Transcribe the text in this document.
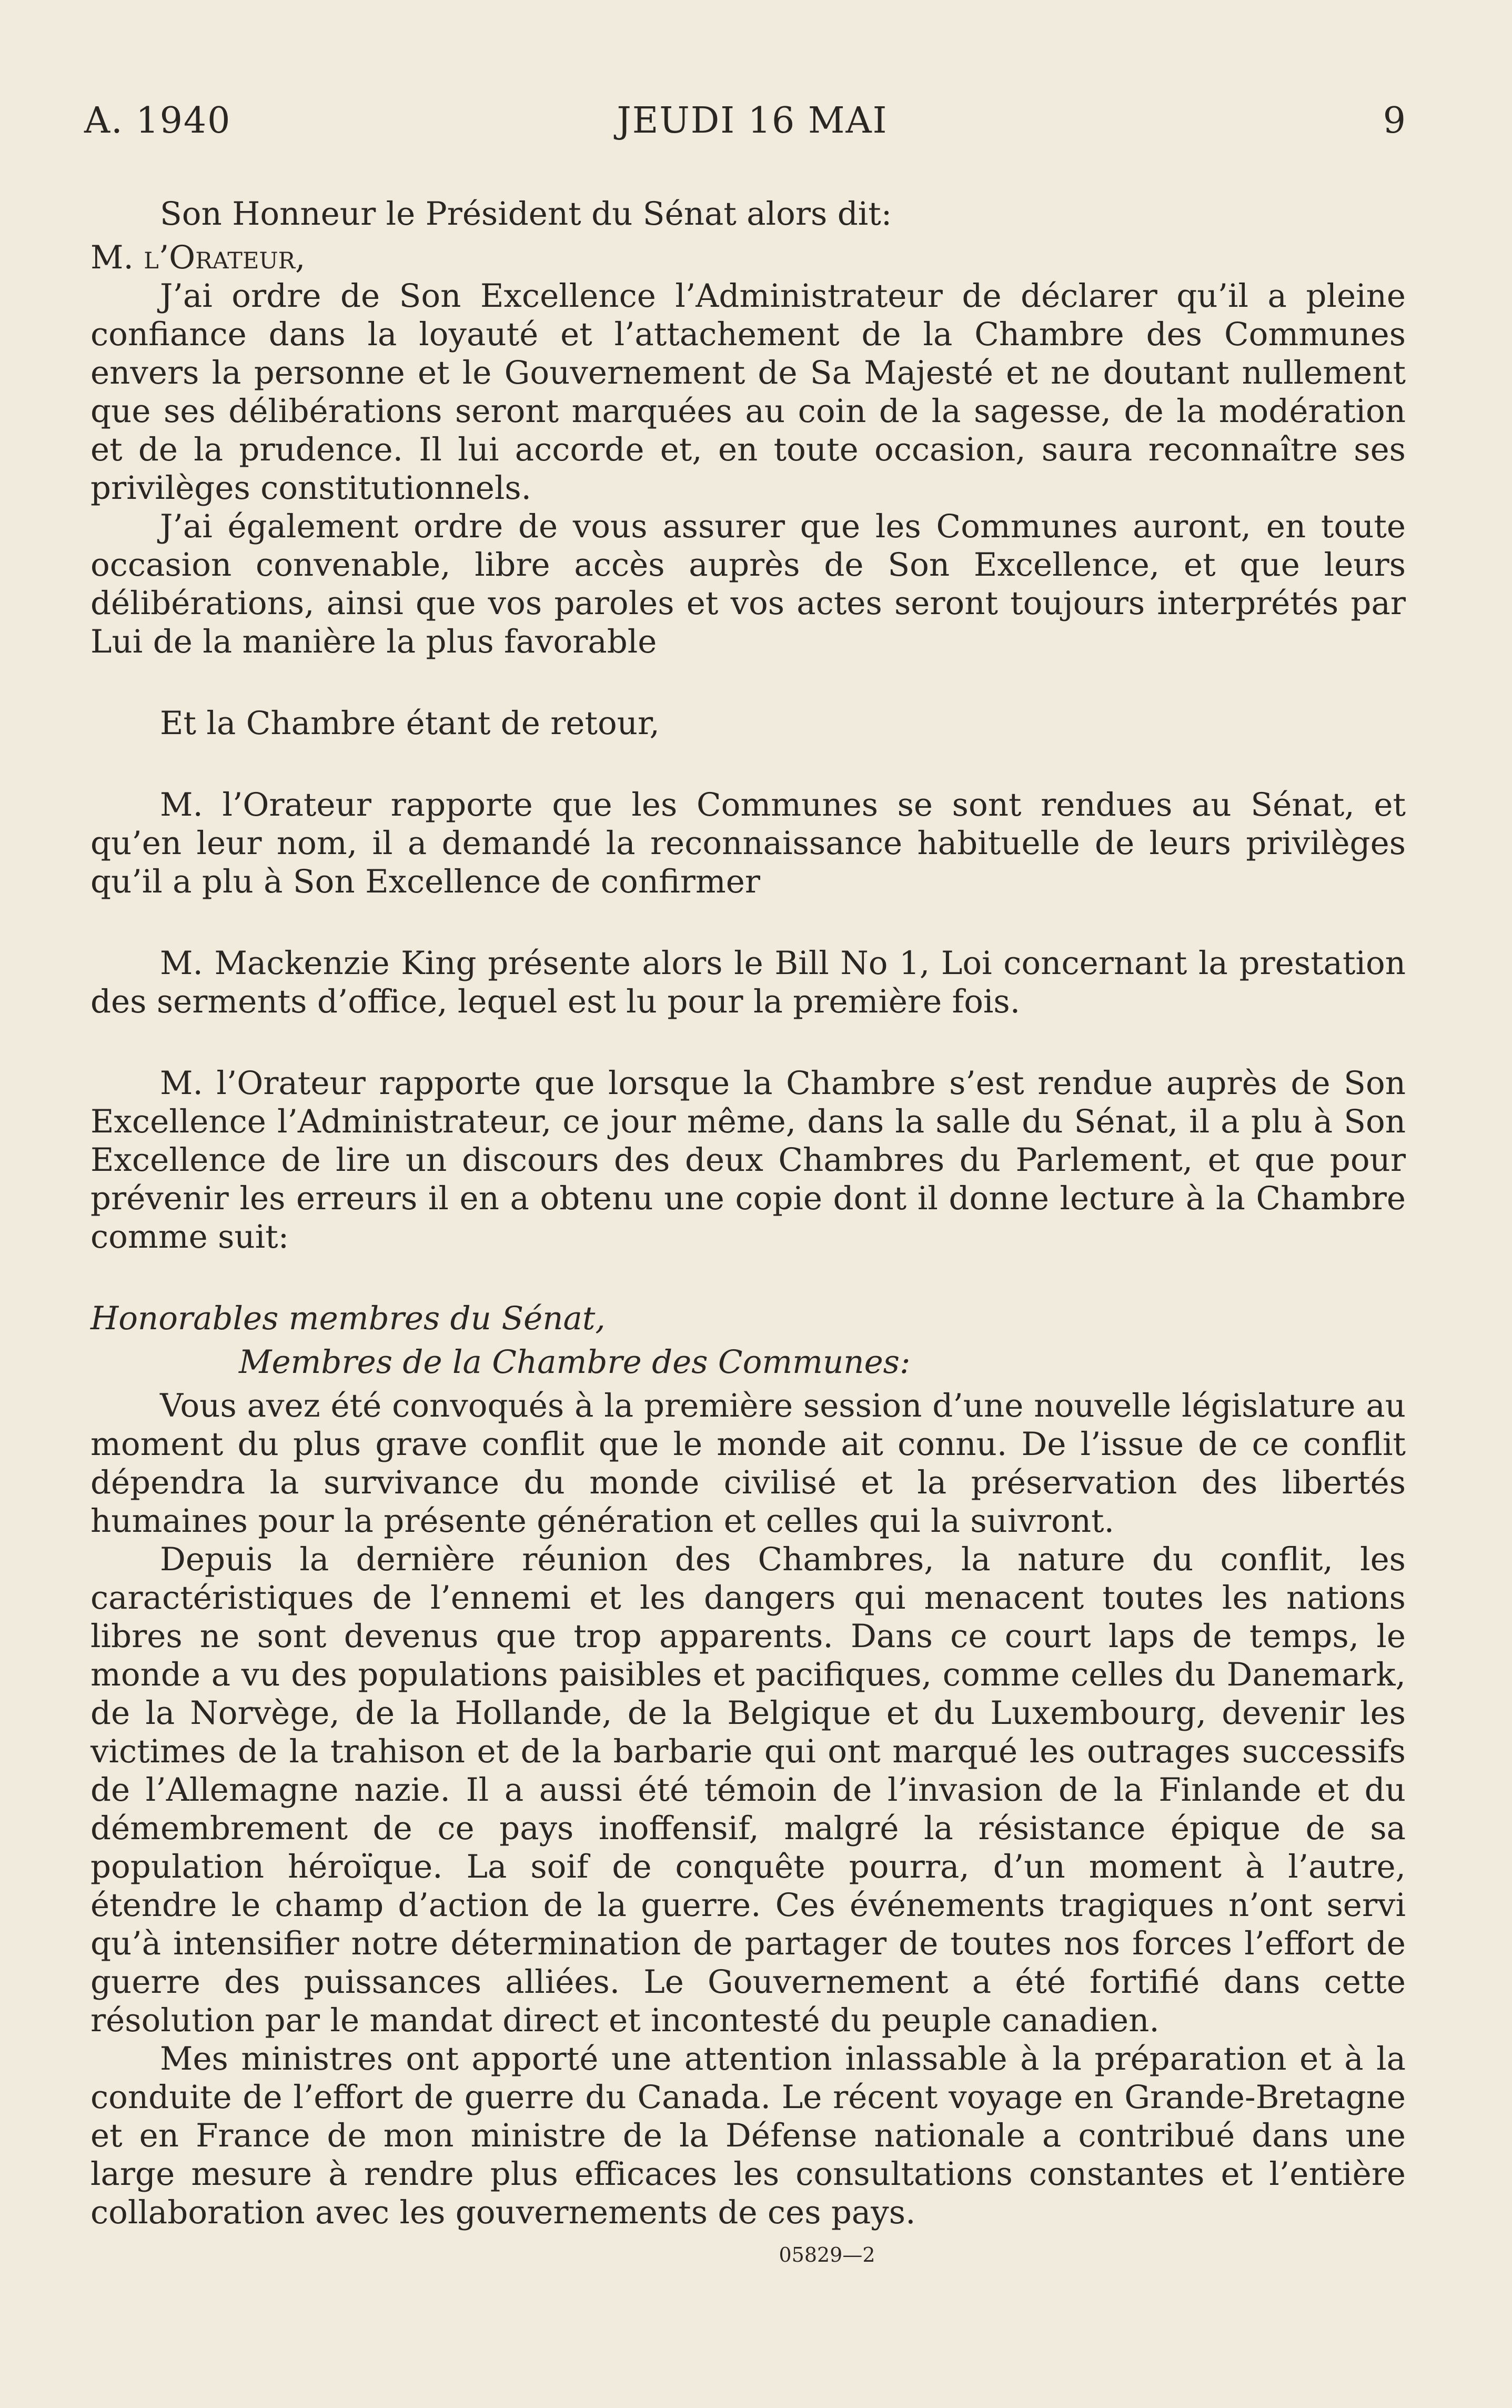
A. 1940	JEUDI 16 MAI	9

Son Honneur le Président du Sénat alors dit:

M. l’Orateur,

J’ai ordre de Son Excellence l’Administrateur de déclarer qu’il a pleine confiance dans la loyauté et l’attachement de la Chambre des Communes envers la personne et le Gouvernement de Sa Majesté et ne doutant nullement que ses délibérations seront marquées au coin de la sagesse, de la modération et de la prudence. Il lui accorde et, en toute occasion, saura reconnaître ses privilèges constitutionnels.

J’ai également ordre de vous assurer que les Communes auront, en toute occasion convenable, libre accès auprès de Son Excellence, et que leurs délibérations, ainsi que vos paroles et vos actes seront toujours interprétés par Lui de la manière la plus favorable

Et la Chambre étant de retour,

M. l’Orateur rapporte que les Communes se sont rendues au Sénat, et qu’en leur nom, il a demandé la reconnaissance habituelle de leurs privilèges qu’il a plu à Son Excellence de confirmer

M. Mackenzie King présente alors le Bill No 1, Loi concernant la prestation des serments d’office, lequel est lu pour la première fois.

M. l’Orateur rapporte que lorsque la Chambre s’est rendue auprès de Son Excellence l’Administrateur, ce jour même, dans la salle du Sénat, il a plu à Son Excellence de lire un discours des deux Chambres du Parlement, et que pour prévenir les erreurs il en a obtenu une copie dont il donne lecture à la Chambre comme suit:

Honorables membres du Sénat,

Membres de la Chambre des Communes:

Vous avez été convoqués à la première session d’une nouvelle législature au moment du plus grave conflit que le monde ait connu. De l’issue de ce conflit dépendra la survivance du monde civilisé et la préservation des libertés humaines pour la présente génération et celles qui la suivront.

Depuis la dernière réunion des Chambres, la nature du conflit, les caractéristiques de l’ennemi et les dangers qui menacent toutes les nations libres ne sont devenus que trop apparents. Dans ce court laps de temps, le monde a vu des populations paisibles et pacifiques, comme celles du Danemark, de la Norvège, de la Hollande, de la Belgique et du Luxembourg, devenir les victimes de la trahison et de la barbarie qui ont marqué les outrages successifs de l’Allemagne nazie. Il a aussi été témoin de l’invasion de la Finlande et du démembrement de ce pays inoffensif, malgré la résistance épique de sa population héroïque. La soif de conquête pourra, d’un moment à l’autre, étendre le champ d’action de la guerre. Ces événements tragiques n’ont servi qu’à intensifier notre détermination de partager de toutes nos forces l’effort de guerre des puissances alliées. Le Gouvernement a été fortifié dans cette résolution par le mandat direct et incontesté du peuple canadien.

Mes ministres ont apporté une attention inlassable à la préparation et à la conduite de l’effort de guerre du Canada. Le récent voyage en Grande-Bretagne et en France de mon ministre de la Défense nationale a contribué dans une large mesure à rendre plus efficaces les consultations constantes et l’entière collaboration avec les gouvernements de ces pays.

05829—2
